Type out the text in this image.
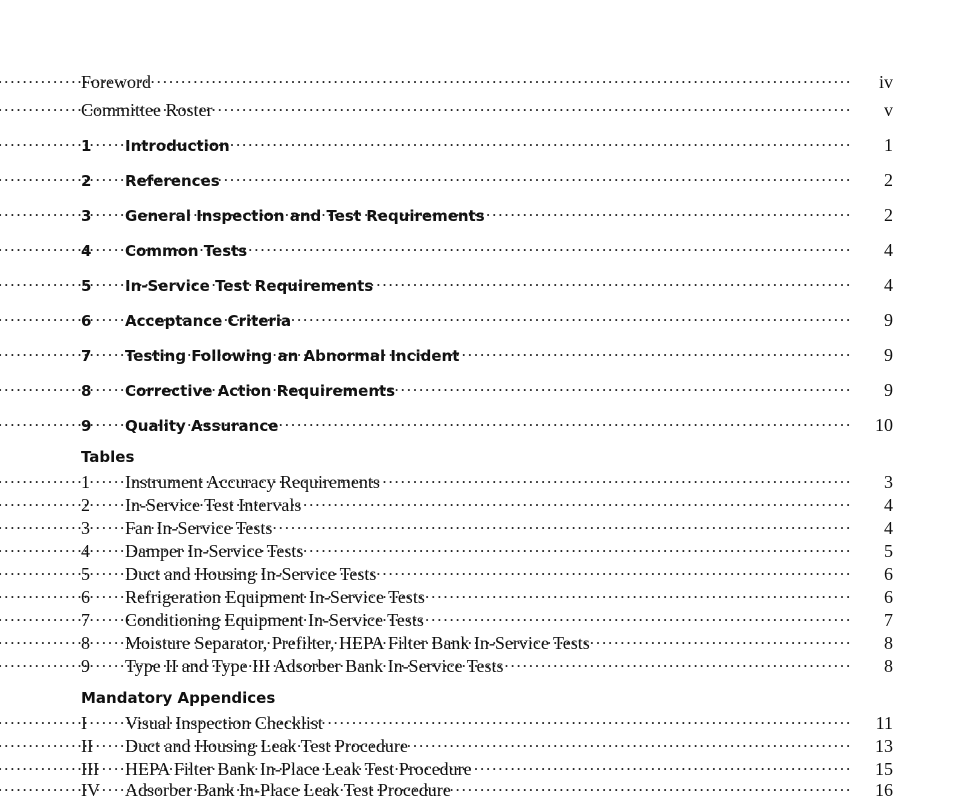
Foreword . . .	iv
Committee Roster . . .	v
1	Introduction . . .	1
2	References . . .	2
3	General Inspection and Test Requirements . . .	2
4	Common Tests . . .	4
5	In-Service Test Requirements . . .	4
6	Acceptance Criteria . . .	9
7	Testing Following an Abnormal Incident . . .	9
8	Corrective Action Requirements . . .	9
9	Quality Assurance . . .	10
Tables
1	Instrument Accuracy Requirements . . .	3
2	In-Service Test Intervals . . .	4
3	Fan In-Service Tests . . .	4
4	Damper In-Service Tests . . .	5
5	Duct and Housing In-Service Tests . . .	6
6	Refrigeration Equipment In-Service Tests . . .	6
7	Conditioning Equipment In-Service Tests . . .	7
8	Moisture Separator, Prefilter, HEPA Filter Bank In-Service Tests . . .	8
9	Type II and Type III Adsorber Bank In-Service Tests . . .	8
Mandatory Appendices
I	Visual Inspection Checklist . . .	11
II	Duct and Housing Leak Test Procedure . . .	13
III	HEPA Filter Bank In-Place Leak Test Procedure . . .	15
IV	Adsorber Bank In-Place Leak Test Procedure . . .	16
